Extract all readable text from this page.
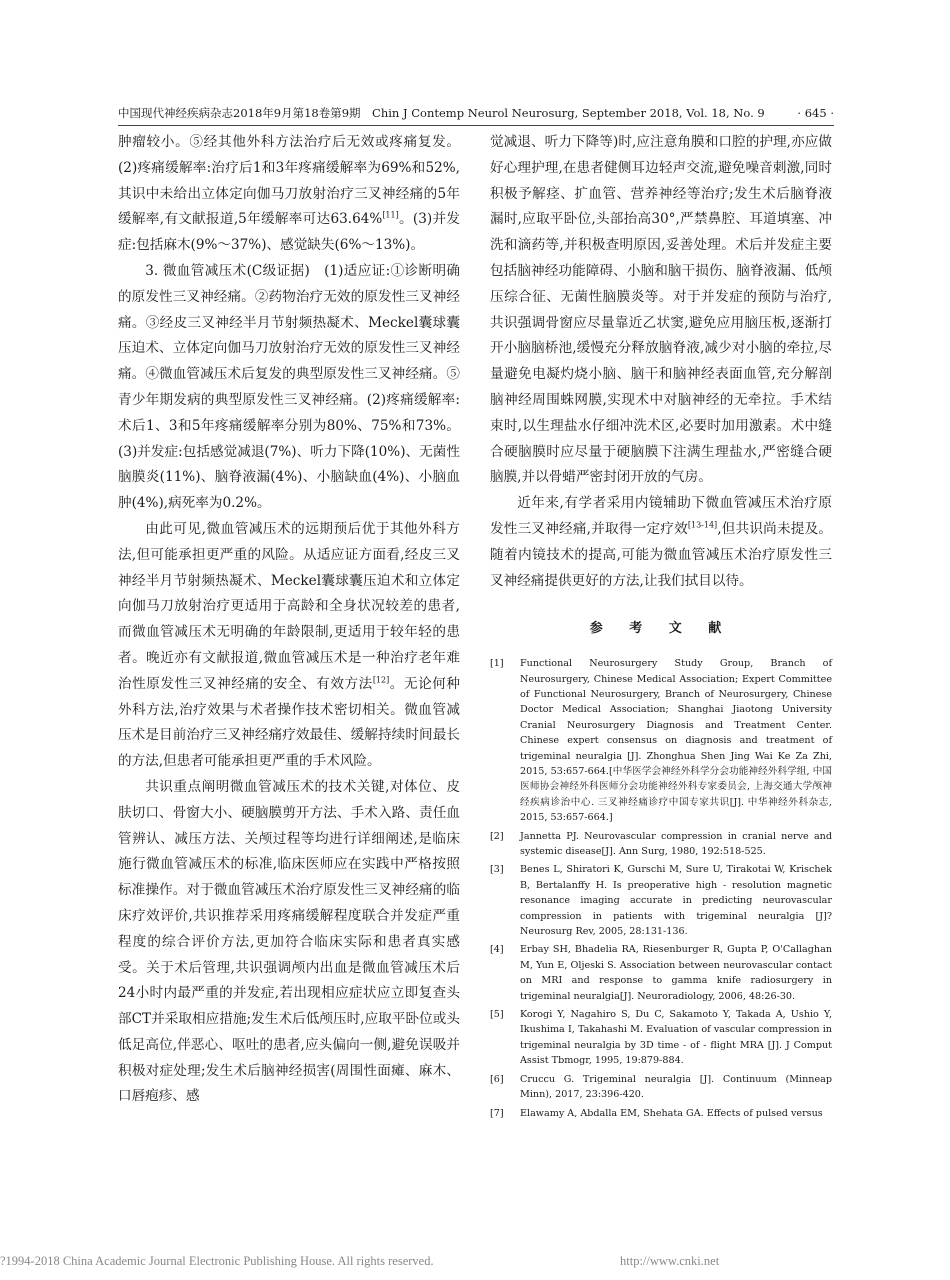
中国现代神经疾病杂志2018年9月第18卷第9期　Chin J Contemp Neurol Neurosurg, September 2018, Vol. 18, No. 9	· 645 ·

肿瘤较小。⑤经其他外科方法治疗后无效或疼痛复发。(2)疼痛缓解率:治疗后1和3年疼痛缓解率为69%和52%,其识中未给出立体定向伽马刀放射治疗三叉神经痛的5年缓解率,有文献报道,5年缓解率可达63.64%[11]。(3)并发症:包括麻木(9%～37%)、感觉缺失(6%～13%)。

3. 微血管减压术(C级证据)　(1)适应证:①诊断明确的原发性三叉神经痛。②药物治疗无效的原发性三叉神经痛。③经皮三叉神经半月节射频热凝术、Meckel囊球囊压迫术、立体定向伽马刀放射治疗无效的原发性三叉神经痛。④微血管减压术后复发的典型原发性三叉神经痛。⑤青少年期发病的典型原发性三叉神经痛。(2)疼痛缓解率:术后1、3和5年疼痛缓解率分别为80%、75%和73%。(3)并发症:包括感觉减退(7%)、听力下降(10%)、无菌性脑膜炎(11%)、脑脊液漏(4%)、小脑缺血(4%)、小脑血肿(4%),病死率为0.2%。

由此可见,微血管减压术的远期预后优于其他外科方法,但可能承担更严重的风险。从适应证方面看,经皮三叉神经半月节射频热凝术、Meckel囊球囊压迫术和立体定向伽马刀放射治疗更适用于高龄和全身状况较差的患者,而微血管减压术无明确的年龄限制,更适用于较年轻的患者。晚近亦有文献报道,微血管减压术是一种治疗老年难治性原发性三叉神经痛的安全、有效方法[12]。无论何种外科方法,治疗效果与术者操作技术密切相关。微血管减压术是目前治疗三叉神经痛疗效最佳、缓解持续时间最长的方法,但患者可能承担更严重的手术风险。

共识重点阐明微血管减压术的技术关键,对体位、皮肤切口、骨窗大小、硬脑膜剪开方法、手术入路、责任血管辨认、减压方法、关颅过程等均进行详细阐述,是临床施行微血管减压术的标准,临床医师应在实践中严格按照标准操作。对于微血管减压术治疗原发性三叉神经痛的临床疗效评价,共识推荐采用疼痛缓解程度联合并发症严重程度的综合评价方法,更加符合临床实际和患者真实感受。关于术后管理,共识强调颅内出血是微血管减压术后24小时内最严重的并发症,若出现相应症状应立即复查头部CT并采取相应措施;发生术后低颅压时,应取平卧位或头低足高位,伴恶心、呕吐的患者,应头偏向一侧,避免误吸并积极对症处理;发生术后脑神经损害(周围性面瘫、麻木、口唇疱疹、感

觉减退、听力下降等)时,应注意角膜和口腔的护理,亦应做好心理护理,在患者健侧耳边轻声交流,避免噪音刺激,同时积极予解痉、扩血管、营养神经等治疗;发生术后脑脊液漏时,应取平卧位,头部抬高30°,严禁鼻腔、耳道填塞、冲洗和滴药等,并积极查明原因,妥善处理。术后并发症主要包括脑神经功能障碍、小脑和脑干损伤、脑脊液漏、低颅压综合征、无菌性脑膜炎等。对于并发症的预防与治疗,共识强调骨窗应尽量靠近乙状窦,避免应用脑压板,逐渐打开小脑脑桥池,缓慢充分释放脑脊液,减少对小脑的牵拉,尽量避免电凝灼烧小脑、脑干和脑神经表面血管,充分解剖脑神经周围蛛网膜,实现术中对脑神经的无牵拉。手术结束时,以生理盐水仔细冲洗术区,必要时加用激素。术中缝合硬脑膜时应尽量于硬脑膜下注满生理盐水,严密缝合硬脑膜,并以骨蜡严密封闭开放的气房。

近年来,有学者采用内镜辅助下微血管减压术治疗原发性三叉神经痛,并取得一定疗效[13-14],但共识尚未提及。随着内镜技术的提高,可能为微血管减压术治疗原发性三叉神经痛提供更好的方法,让我们拭目以待。

参 考 文 献
[1]	Functional Neurosurgery Study Group, Branch of Neurosurgery, Chinese Medical Association; Expert Committee of Functional Neurosurgery, Branch of Neurosurgery, Chinese Doctor Medical Association; Shanghai Jiaotong University Cranial Neurosurgery Diagnosis and Treatment Center. Chinese expert consensus on diagnosis and treatment of trigeminal neuralgia [J]. Zhonghua Shen Jing Wai Ke Za Zhi, 2015, 53:657-664.[中华医学会神经外科学分会功能神经外科学组, 中国医师协会神经外科医师分会功能神经外科专家委员会, 上海交通大学颅神经疾病诊治中心. 三叉神经痛诊疗中国专家共识[J]. 中华神经外科杂志, 2015, 53:657-664.]
[2]	Jannetta PJ. Neurovascular compression in cranial nerve and systemic disease[J]. Ann Surg, 1980, 192:518-525.
[3]	Benes L, Shiratori K, Gurschi M, Sure U, Tirakotai W, Krischek B, Bertalanffy H. Is preoperative high - resolution magnetic resonance imaging accurate in predicting neurovascular compression in patients with trigeminal neuralgia [J]? Neurosurg Rev, 2005, 28:131-136.
[4]	Erbay SH, Bhadelia RA, Riesenburger R, Gupta P, O'Callaghan M, Yun E, Oljeski S. Association between neurovascular contact on MRI and response to gamma knife radiosurgery in trigeminal neuralgia[J]. Neuroradiology, 2006, 48:26-30.
[5]	Korogi Y, Nagahiro S, Du C, Sakamoto Y, Takada A, Ushio Y, Ikushima I, Takahashi M. Evaluation of vascular compression in trigeminal neuralgia by 3D time - of - flight MRA [J]. J Comput Assist Tbmogr, 1995, 19:879-884.
[6]	Cruccu G. Trigeminal neuralgia [J]. Continuum (Minneap Minn), 2017, 23:396-420.
[7]	Elawamy A, Abdalla EM, Shehata GA. Effects of pulsed versus
?1994-2018 China Academic Journal Electronic Publishing House. All rights reserved.	http://www.cnki.net
